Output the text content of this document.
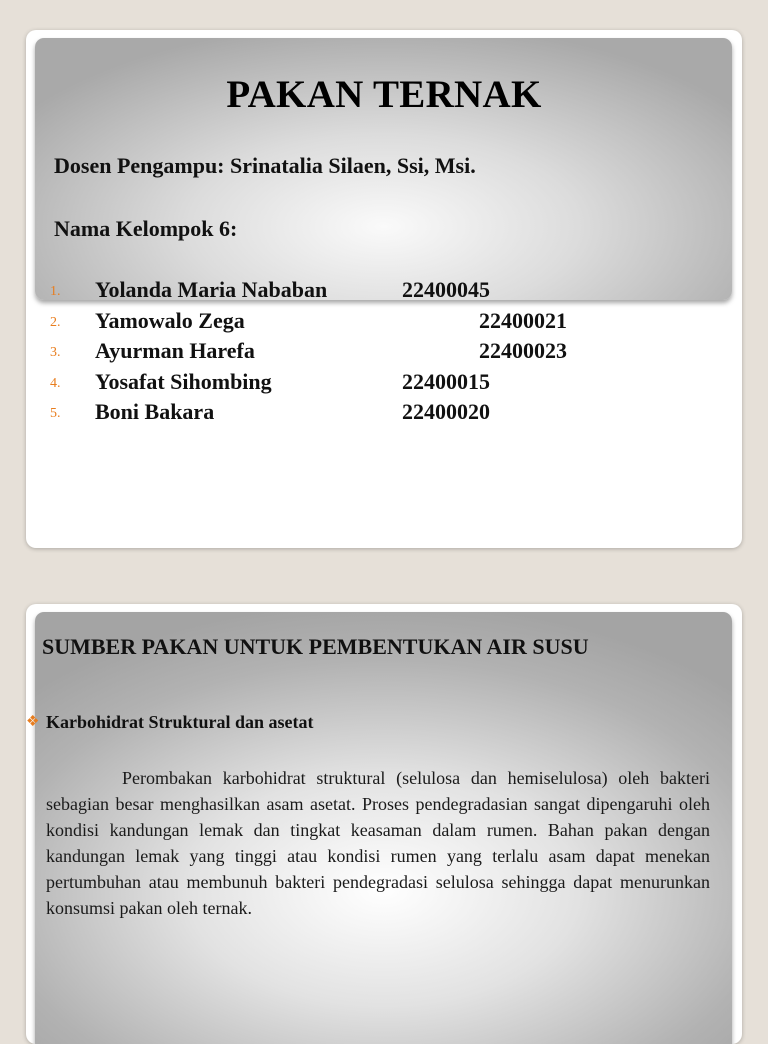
PAKAN TERNAK

Dosen Pengampu: Srinatalia Silaen, Ssi, Msi.

Nama Kelompok 6:

1. Yolanda Maria Nababan	22400045
2. Yamowalo Zega	22400021
3. Ayurman Harefa	22400023
4. Yosafat Sihombing	22400015
5. Boni Bakara	22400020
SUMBER PAKAN UNTUK PEMBENTUKAN AIR SUSU
❖ Karbohidrat Struktural dan asetat

Perombakan karbohidrat struktural (selulosa dan hemiselulosa) oleh bakteri sebagian besar menghasilkan asam asetat. Proses pendegradasian sangat dipengaruhi oleh kondisi kandungan lemak dan tingkat keasaman dalam rumen. Bahan pakan dengan kandungan lemak yang tinggi atau kondisi rumen yang terlalu asam dapat menekan pertumbuhan atau membunuh bakteri pendegradasi selulosa sehingga dapat menurunkan konsumsi pakan oleh ternak.
